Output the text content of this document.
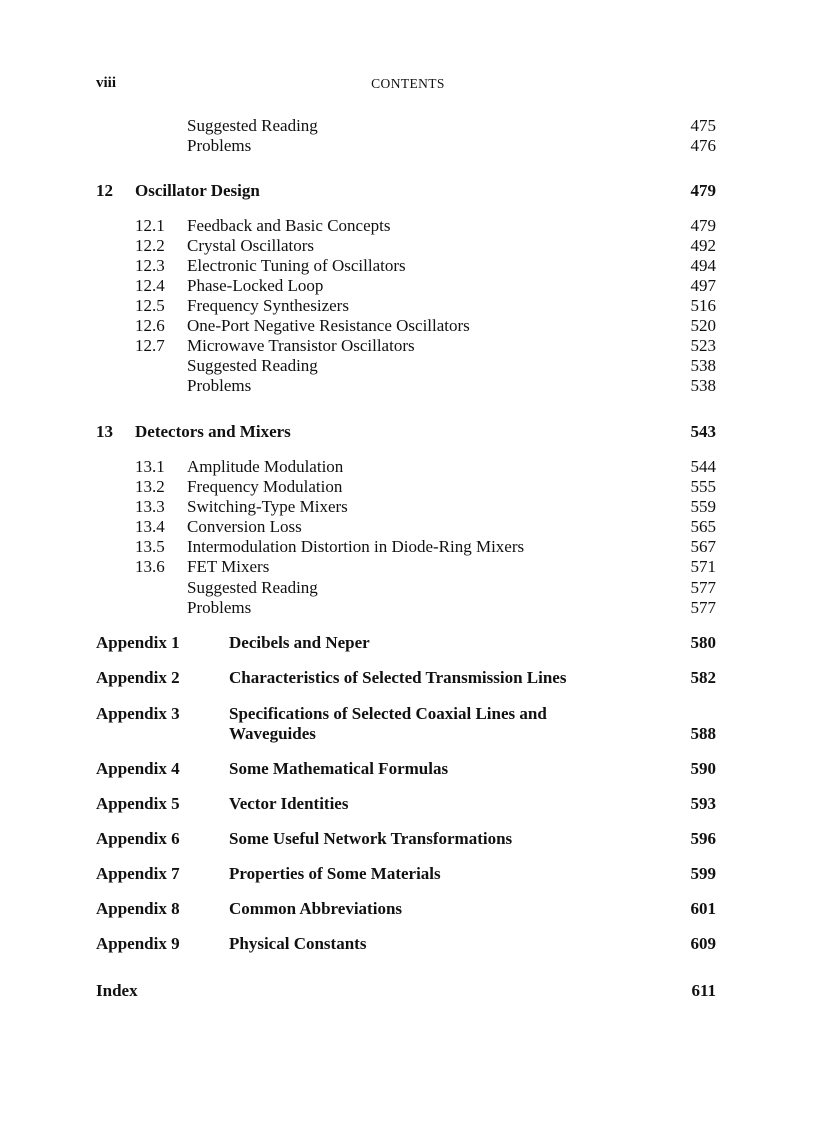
viii	CONTENTS
Suggested Reading	475
Problems	476
12 Oscillator Design	479
12.1 Feedback and Basic Concepts	479
12.2 Crystal Oscillators	492
12.3 Electronic Tuning of Oscillators	494
12.4 Phase-Locked Loop	497
12.5 Frequency Synthesizers	516
12.6 One-Port Negative Resistance Oscillators	520
12.7 Microwave Transistor Oscillators	523
Suggested Reading	538
Problems	538
13 Detectors and Mixers	543
13.1 Amplitude Modulation	544
13.2 Frequency Modulation	555
13.3 Switching-Type Mixers	559
13.4 Conversion Loss	565
13.5 Intermodulation Distortion in Diode-Ring Mixers	567
13.6 FET Mixers	571
Suggested Reading	577
Problems	577
Appendix 1	Decibels and Neper	580
Appendix 2	Characteristics of Selected Transmission Lines	582
Appendix 3	Specifications of Selected Coaxial Lines and
Waveguides	588
Appendix 4	Some Mathematical Formulas	590
Appendix 5	Vector Identities	593
Appendix 6	Some Useful Network Transformations	596
Appendix 7	Properties of Some Materials	599
Appendix 8	Common Abbreviations	601
Appendix 9	Physical Constants	609
Index	611
